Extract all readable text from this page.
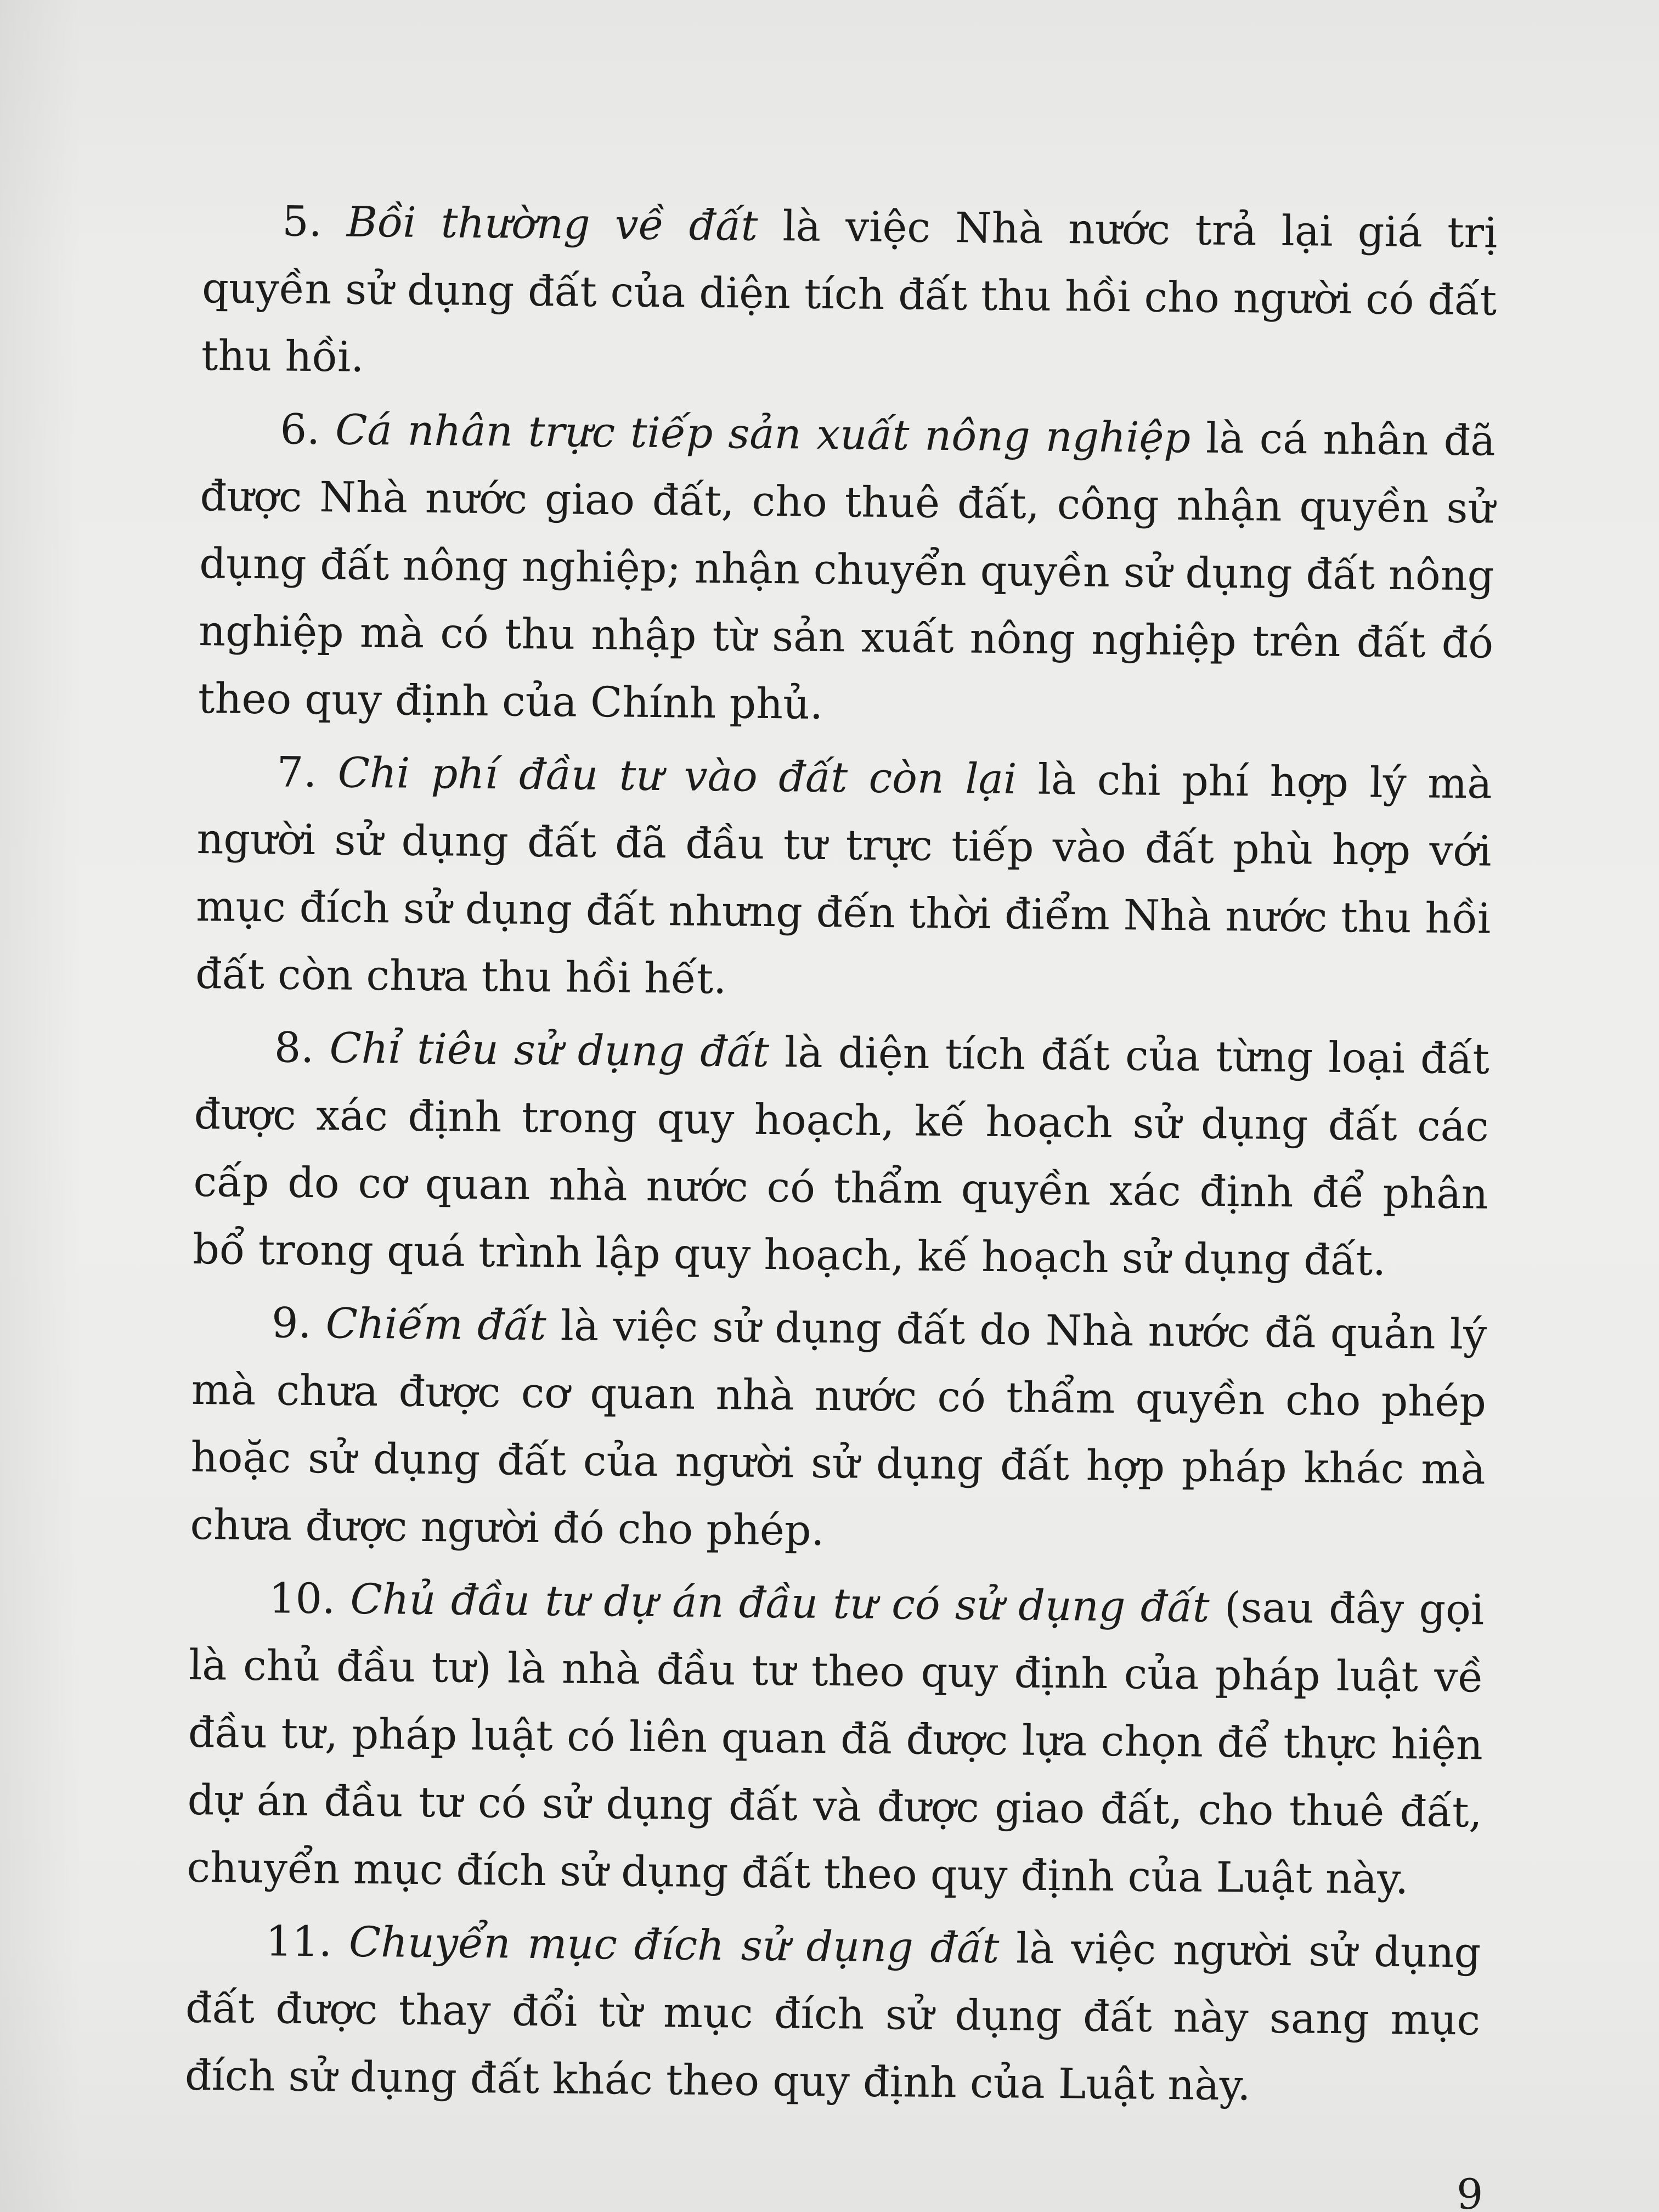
5. Bồi thường về đất là việc Nhà nước trả lại giá trị quyền sử dụng đất của diện tích đất thu hồi cho người có đất thu hồi.

6. Cá nhân trực tiếp sản xuất nông nghiệp là cá nhân đã được Nhà nước giao đất, cho thuê đất, công nhận quyền sử dụng đất nông nghiệp; nhận chuyển quyền sử dụng đất nông nghiệp mà có thu nhập từ sản xuất nông nghiệp trên đất đó theo quy định của Chính phủ.

7. Chi phí đầu tư vào đất còn lại là chi phí hợp lý mà người sử dụng đất đã đầu tư trực tiếp vào đất phù hợp với mục đích sử dụng đất nhưng đến thời điểm Nhà nước thu hồi đất còn chưa thu hồi hết.

8. Chỉ tiêu sử dụng đất là diện tích đất của từng loại đất được xác định trong quy hoạch, kế hoạch sử dụng đất các cấp do cơ quan nhà nước có thẩm quyền xác định để phân bổ trong quá trình lập quy hoạch, kế hoạch sử dụng đất.

9. Chiếm đất là việc sử dụng đất do Nhà nước đã quản lý mà chưa được cơ quan nhà nước có thẩm quyền cho phép hoặc sử dụng đất của người sử dụng đất hợp pháp khác mà chưa được người đó cho phép.

10. Chủ đầu tư dự án đầu tư có sử dụng đất (sau đây gọi là chủ đầu tư) là nhà đầu tư theo quy định của pháp luật về đầu tư, pháp luật có liên quan đã được lựa chọn để thực hiện dự án đầu tư có sử dụng đất và được giao đất, cho thuê đất, chuyển mục đích sử dụng đất theo quy định của Luật này.

11. Chuyển mục đích sử dụng đất là việc người sử dụng đất được thay đổi từ mục đích sử dụng đất này sang mục đích sử dụng đất khác theo quy định của Luật này.

9
